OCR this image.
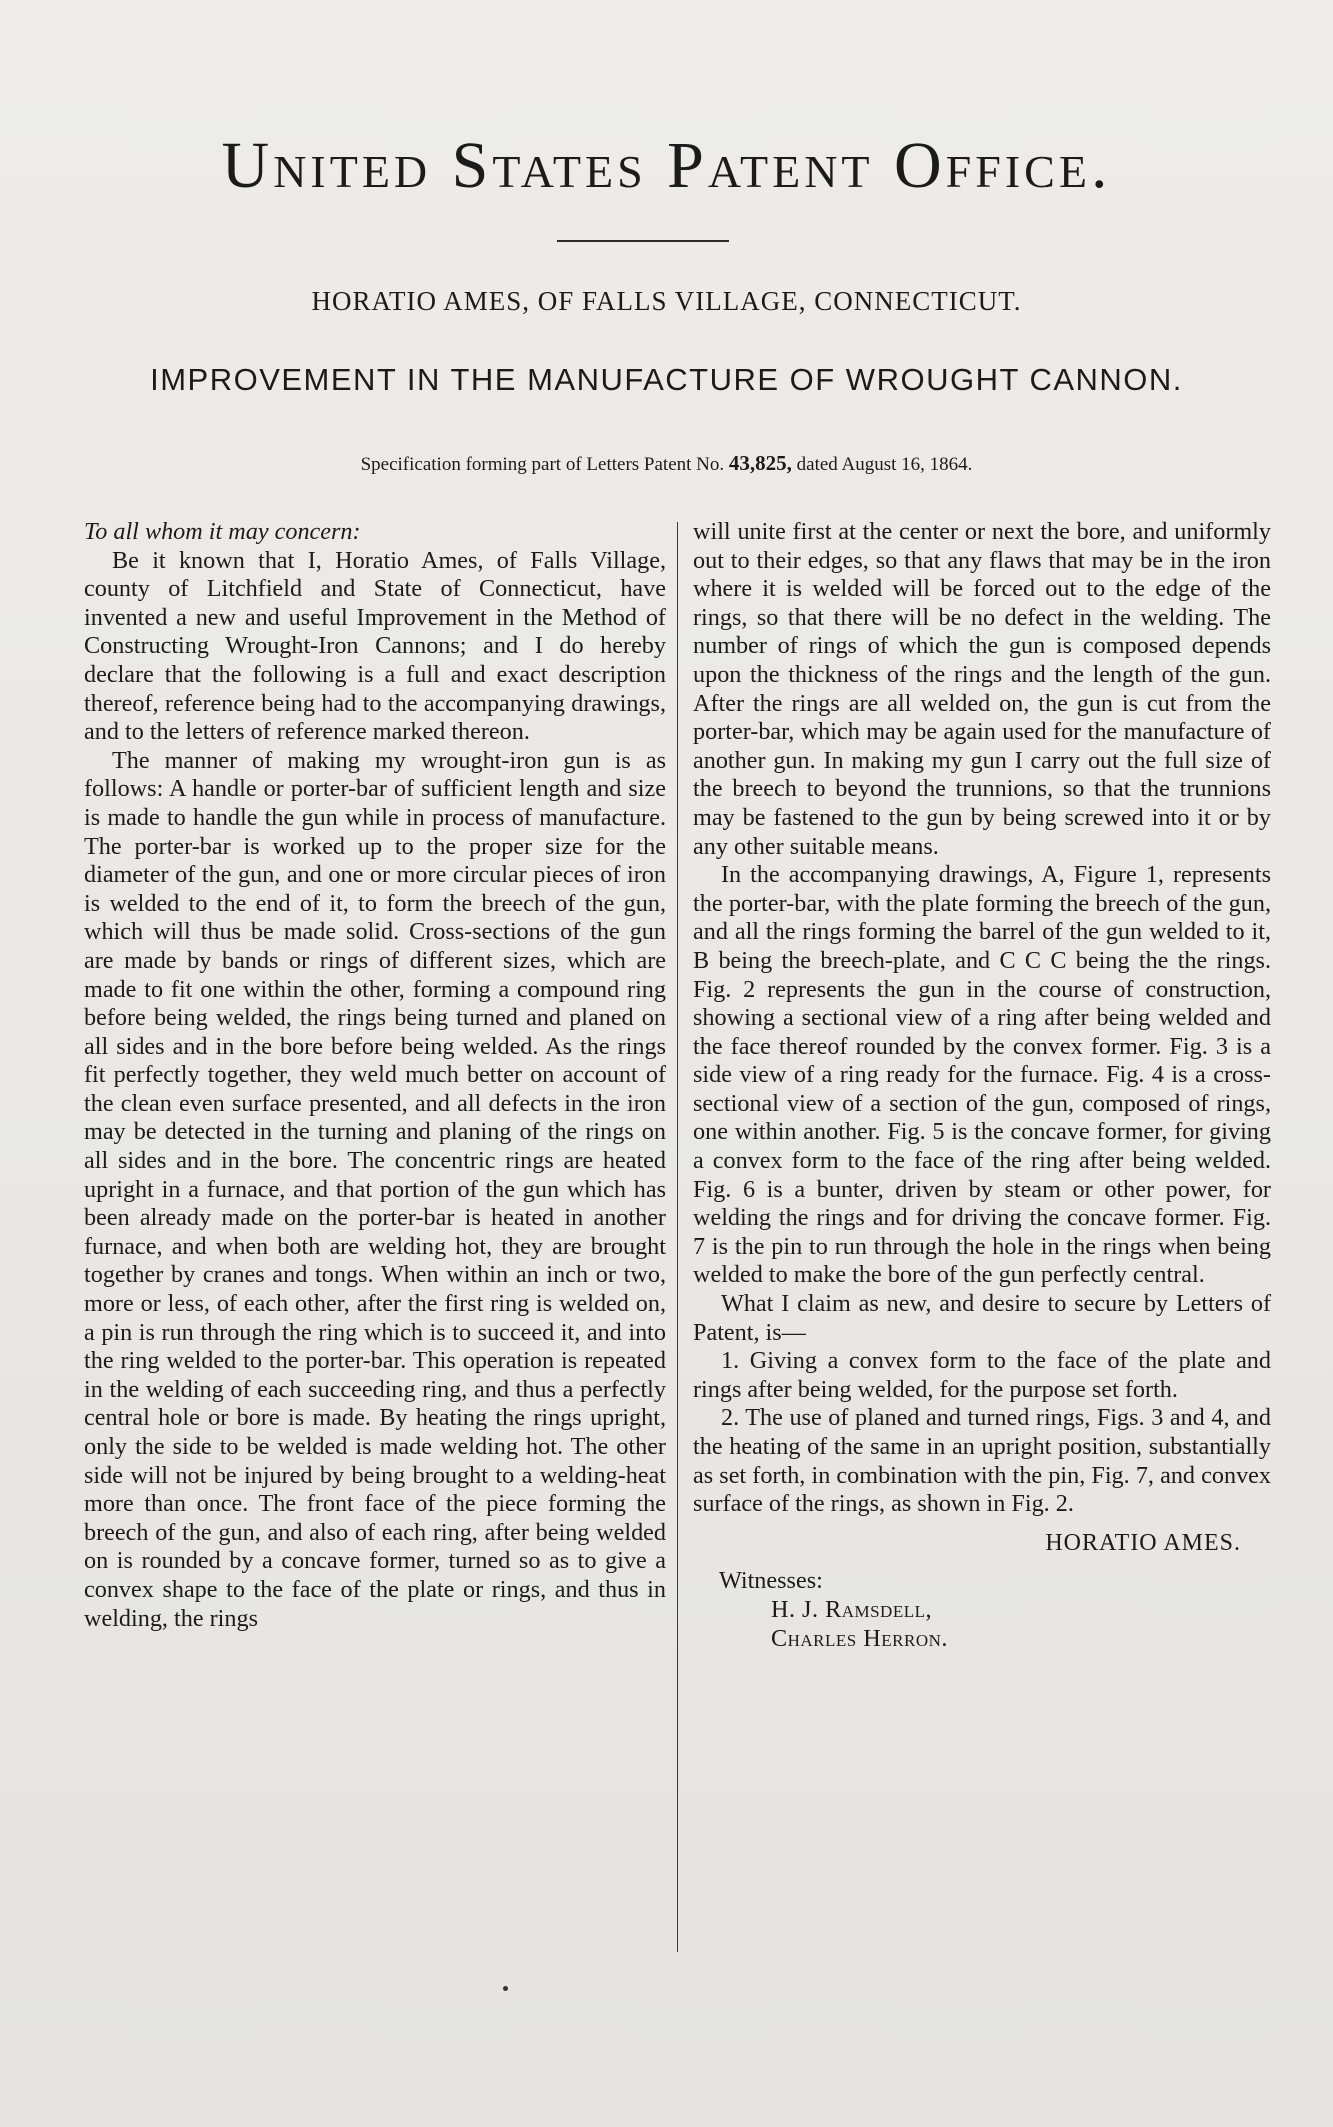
United States Patent Office.
HORATIO AMES, OF FALLS VILLAGE, CONNECTICUT.
IMPROVEMENT IN THE MANUFACTURE OF WROUGHT CANNON.
Specification forming part of Letters Patent No. 43,825, dated August 16, 1864.

To all whom it may concern:

Be it known that I, Horatio Ames, of Falls Village, county of Litchfield and State of Connecticut, have invented a new and useful Improvement in the Method of Constructing Wrought-Iron Cannons; and I do hereby declare that the following is a full and exact description thereof, reference being had to the accompanying drawings, and to the letters of reference marked thereon.

The manner of making my wrought-iron gun is as follows: A handle or porter-bar of sufficient length and size is made to handle the gun while in process of manufacture. The porter-bar is worked up to the proper size for the diameter of the gun, and one or more circular pieces of iron is welded to the end of it, to form the breech of the gun, which will thus be made solid. Cross-sections of the gun are made by bands or rings of different sizes, which are made to fit one within the other, forming a compound ring before being welded, the rings being turned and planed on all sides and in the bore before being welded. As the rings fit perfectly together, they weld much better on account of the clean even surface presented, and all defects in the iron may be detected in the turning and planing of the rings on all sides and in the bore. The concentric rings are heated upright in a furnace, and that portion of the gun which has been already made on the porter-bar is heated in another furnace, and when both are welding hot, they are brought together by cranes and tongs. When within an inch or two, more or less, of each other, after the first ring is welded on, a pin is run through the ring which is to succeed it, and into the ring welded to the porter-bar. This operation is repeated in the welding of each succeeding ring, and thus a perfectly central hole or bore is made. By heating the rings upright, only the side to be welded is made welding hot. The other side will not be injured by being brought to a welding-heat more than once. The front face of the piece forming the breech of the gun, and also of each ring, after being welded on is rounded by a concave former, turned so as to give a convex shape to the face of the plate or rings, and thus in welding, the rings

will unite first at the center or next the bore, and uniformly out to their edges, so that any flaws that may be in the iron where it is welded will be forced out to the edge of the rings, so that there will be no defect in the welding. The number of rings of which the gun is composed depends upon the thickness of the rings and the length of the gun. After the rings are all welded on, the gun is cut from the porter-bar, which may be again used for the manufacture of another gun. In making my gun I carry out the full size of the breech to beyond the trunnions, so that the trunnions may be fastened to the gun by being screwed into it or by any other suitable means.

In the accompanying drawings, A, Figure 1, represents the porter-bar, with the plate forming the breech of the gun, and all the rings forming the barrel of the gun welded to it, B being the breech-plate, and C C C being the the rings. Fig. 2 represents the gun in the course of construction, showing a sectional view of a ring after being welded and the face thereof rounded by the convex former. Fig. 3 is a side view of a ring ready for the furnace. Fig. 4 is a cross-sectional view of a section of the gun, composed of rings, one within another. Fig. 5 is the concave former, for giving a convex form to the face of the ring after being welded. Fig. 6 is a bunter, driven by steam or other power, for welding the rings and for driving the concave former. Fig. 7 is the pin to run through the hole in the rings when being welded to make the bore of the gun perfectly central.

What I claim as new, and desire to secure by Letters of Patent, is—

1. Giving a convex form to the face of the plate and rings after being welded, for the purpose set forth.

2. The use of planed and turned rings, Figs. 3 and 4, and the heating of the same in an upright position, substantially as set forth, in combination with the pin, Fig. 7, and convex surface of the rings, as shown in Fig. 2.

HORATIO AMES.
Witnesses:
H. J. Ramsdell,
Charles Herron.
